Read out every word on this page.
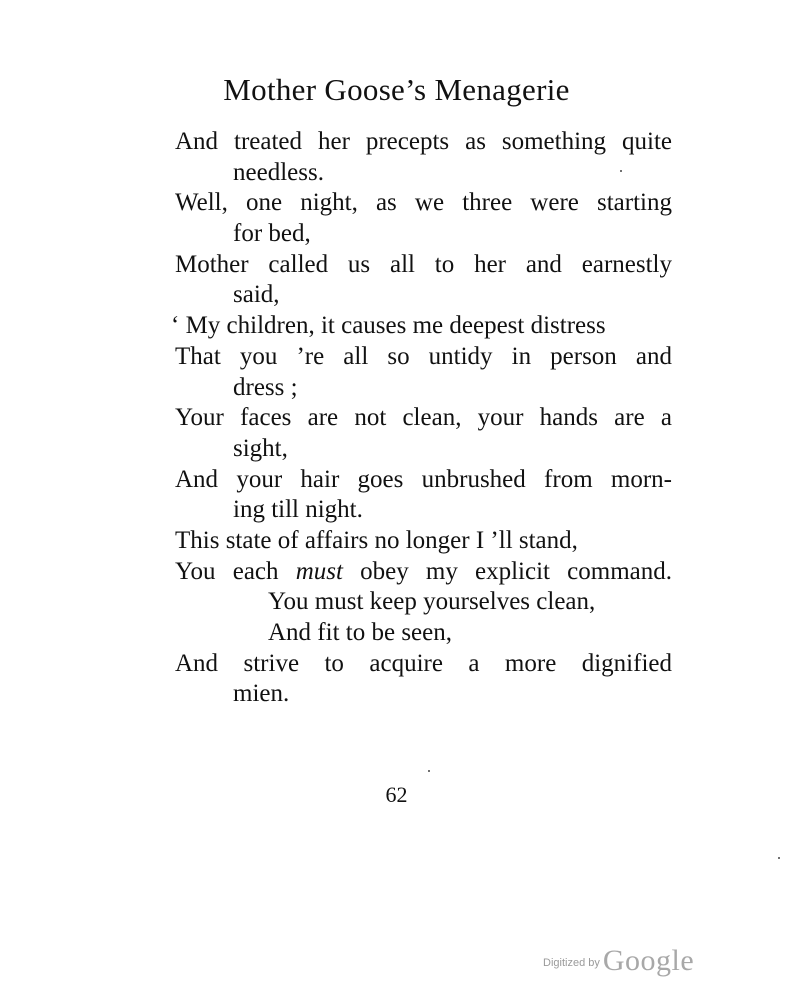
Mother Goose’s Menagerie
And treated her precepts as something quite
needless.
Well, one night, as we three were starting
for bed,
Mother called us all to her and earnestly
said,
‘ My children, it causes me deepest distress
That you ’re all so untidy in person and
dress ;
Your faces are not clean, your hands are a
sight,
And your hair goes unbrushed from morn-
ing till night.
This state of affairs no longer I ’ll stand,
You each must obey my explicit command.
You must keep yourselves clean,
And fit to be seen,
And strive to acquire a more dignified
mien.
62
$^{Digitized by}$ Google
